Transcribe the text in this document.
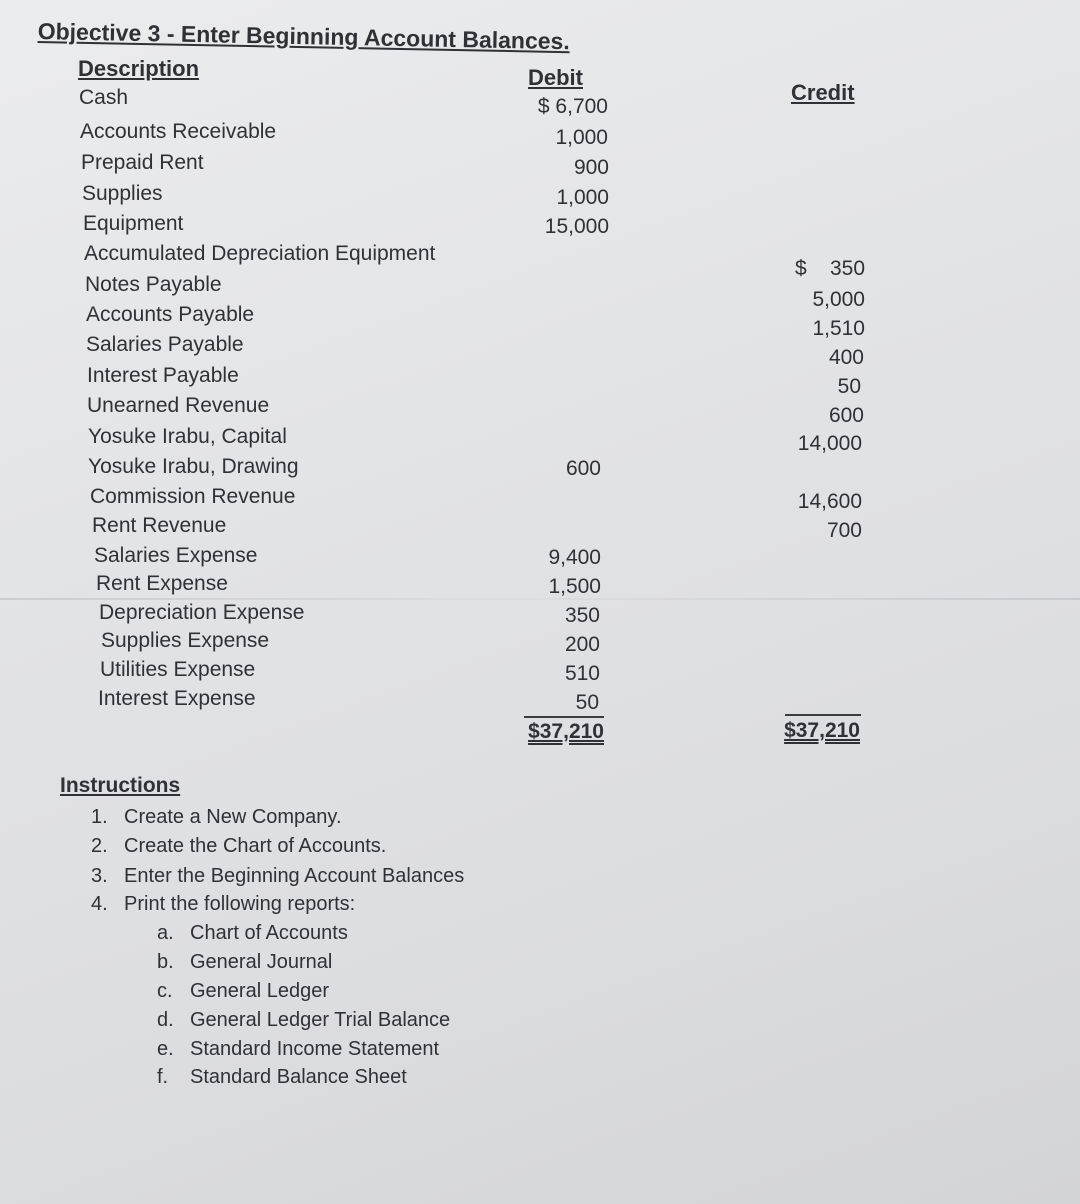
Objective 3 - Enter Beginning Account Balances.
Description	Debit
Credit
Cash
Accounts Receivable
Prepaid Rent
Supplies
Equipment
Accumulated Depreciation Equipment
Notes Payable
Accounts Payable
Salaries Payable
Interest Payable
Unearned Revenue
Yosuke Irabu, Capital
Yosuke Irabu, Drawing
Commission Revenue
Rent Revenue
Salaries Expense
Rent Expense
Depreciation Expense
Supplies Expense
Utilities Expense
Interest Expense
$ 6,700
1,000
900
1,000
15,000
600
9,400
1,500
350
200
510
50
$    350
5,000
1,510
400
50
600
14,000
14,600
700
$37,210	$37,210
Instructions
1. Create a New Company.
2. Create the Chart of Accounts.
3. Enter the Beginning Account Balances
4. Print the following reports:
a. Chart of Accounts
b. General Journal
c. General Ledger
d. General Ledger Trial Balance
e. Standard Income Statement
f. Standard Balance Sheet
